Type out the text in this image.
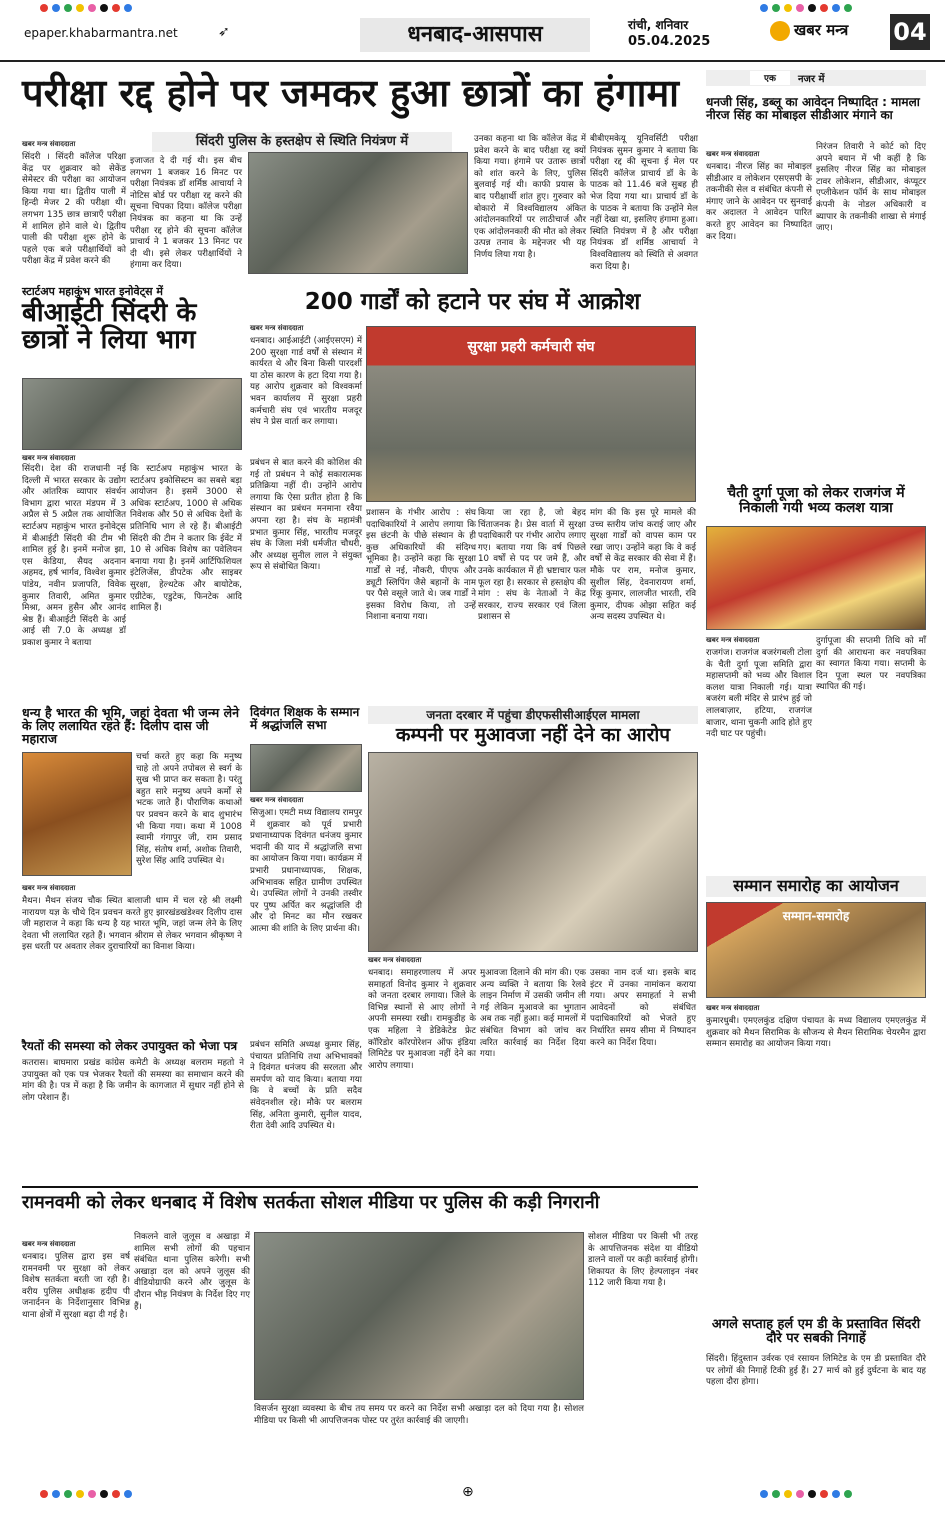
epaper.khabarmantra.net	➶	धनबाद-आसपास	रांची, शनिवार
05.04.2025
खबर मन्त्र	04
परीक्षा रद्द होने पर जमकर हुआ छात्रों का हंगामा
सिंदरी पुलिस के हस्तक्षेप से स्थिति नियंत्रण में
खबर मन्त्र संवाददाता
सिंदरी । सिंदरी कॉलेज परिक्षा केंद्र पर शुक्रवार को सेकेंड सेमेस्टर की परीक्षा का आयोजन किया गया था। द्वितीय पाली में हिन्दी मेजर 2 की परीक्षा थी। लगभग 135 छात्र छात्राएँ परीक्षा में शामिल होने वाले थे। द्वितीय पाली की परीक्षा शुरू होने के पहले एक बजे परीक्षार्थियों को परीक्षा केंद्र में प्रवेश करने की
इजाजत दे दी गई थी। इस बीच लगभग 1 बजकर 16 मिनट पर परीक्षा नियंत्रक डॉ शर्मिष्ठ आचार्या ने नोटिस बोर्ड पर परीक्षा रद्द करने की सूचना चिपका दिया। कॉलेज परीक्षा नियंत्रक का कहना था कि उन्हें परीक्षा रद्द होने की सूचना कॉलेज प्राचार्य ने 1 बजकर 13 मिनट पर दी थी। इसे लेकर परीक्षार्थियों ने हंगामा कर दिया।
उनका कहना था कि कॉलेज केंद्र में प्रवेश करने के बाद परीक्षा रद्द क्यों किया गया। हंगामे पर उतारू छात्रों को शांत करने के लिए, पुलिस बुलवाई गई थी। काफी प्रयास के बाद परीक्षार्थी शांत हुए। गुरुवार को बोकारो में विश्वविद्यालय अंकित आंदोलनकारियों पर लाठीचार्ज और एक आंदोलनकारी की मौत को लेकर उत्पन्न तनाव के मद्देनजर भी यह निर्णय लिया गया है।
बीबीएमकेयू यूनिवर्सिटी परीक्षा नियंत्रक सुमन कुमार ने बताया कि परीक्षा रद्द की सूचना ई मेल पर सिंदरी कॉलेज प्राचार्य डॉ के के पाठक को 11.46 बजे सुबह ही भेज दिया गया था। प्राचार्य डॉ के के पाठक ने बताया कि उन्होंने मेल नहीं देखा था, इसलिए हंगामा हुआ। स्थिति नियंत्रण में है और परीक्षा नियंत्रक डॉ शर्मिष्ठ आचार्या ने विश्वविद्यालय को स्थिति से अवगत करा दिया है।
स्टार्टअप महाकुंभ भारत इनोवेट्स में
बीआईटी सिंदरी के छात्रों ने लिया भाग
खबर मन्त्र संवाददाता
सिंदरी। देश की राजधानी नई दिल्ली में भारत सरकार के उद्योग और आंतरिक व्यापार संवर्धन विभाग द्वारा भारत मंडपम में 3 अप्रैल से 5 अप्रैल तक आयोजित स्टार्टअप महाकुंभ भारत इनोवेट्स में बीआईटी सिंदरी की टीम भी शामिल हुई है। इनमें मनोज झा, एस केडिया, सैयद अदनान अहमद, हर्ष भार्गव, विश्वेश कुमार पांडेय, नवीन प्रजापति, विवेक कुमार तिवारी, अमित कुमार मिश्रा, अमन हुसैन और आनंद श्रेष्ठ हैं। बीआईटी सिंदरी के आई आई सी 7.0 के अध्यक्ष डॉ प्रकाश कुमार ने बताया
कि स्टार्टअप महाकुंभ भारत के स्टार्टअप इकोसिस्टम का सबसे बड़ा आयोजन है। इसमें 3000 से अधिक स्टार्टअप, 1000 से अधिक निवेशक और 50 से अधिक देशों के प्रतिनिधि भाग ले रहे हैं। बीआईटी सिंदरी की टीम ने कतार कि ईवेंट में 10 से अधिक विशेष का पवेलियन बनाया गया है। इनमें आर्टिफिशियल इंटेलिजेंस, डीपटेक और साइबर सुरक्षा, हेल्थटेक और बायोटेक, एग्रीटेक, एडुटेक, फिनटेक आदि शामिल हैं।
200 गार्डों को हटाने पर संघ में आक्रोश
खबर मन्त्र संवाददाता
धनबाद। आईआईटी (आईएसएम) में 200 सुरक्षा गार्ड वर्षों से संस्थान में कार्यरत थे और बिना किसी पारदर्शी या ठोस कारण के हटा दिया गया है। यह आरोप शुक्रवार को विश्वकर्मा भवन कार्यालय में सुरक्षा प्रहरी कर्मचारी संघ एवं भारतीय मजदूर संघ ने प्रेस वार्ता कर लगाया।
सुरक्षा प्रहरी कर्मचारी संघ
प्रबंधन से बात करने की कोशिश की गई तो प्रबंधन ने कोई सकारात्मक प्रतिक्रिया नहीं दी। उन्होंने आरोप लगाया कि ऐसा प्रतीत होता है कि संस्थान का प्रबंधन मनमाना रवैया अपना रहा है। संघ के महामंत्री प्रभात कुमार सिंह, भारतीय मजदूर संघ के जिला मंत्री धर्मजीत चौधरी, और अध्यक्ष सुनील लाल ने संयुक्त रूप से संबोधित किया।
प्रशासन के गंभीर आरोप : संघ पदाधिकारियों ने आरोप लगाया कि इस छंटनी के पीछे संस्थान के ही कुछ अधिकारियों की संदिग्ध भूमिका है। उन्होंने कहा कि सुरक्षा गार्डों से नई, नौकरी, पीएफ और ड्यूटी स्लिपिंग जैसे बहानों के नाम पर पैसे वसूले जाते थे। जब गार्डों ने इसका विरोध किया, तो उन्हें निशाना बनाया गया।
किया जा रहा है, जो बेहद चिंताजनक है। प्रेस वार्ता में सुरक्षा पदाधिकारी पर गंभीर आरोप लगाए गए। बताया गया कि वर्ष पिछले 10 वर्षों से पद पर जमे हैं, और उनके कार्यकाल में ही भ्रष्टाचार फल फूल रहा है। सरकार से हस्तक्षेप की मांग : संघ के नेताओं ने केंद्र सरकार, राज्य सरकार एवं जिला प्रशासन से
मांग की कि इस पूरे मामले की उच्च स्तरीय जांच कराई जाए और सुरक्षा गार्डों को वापस काम पर रखा जाए। उन्होंने कहा कि वे कई वर्षों से केंद्र सरकार की सेवा में हैं। मौके पर राम, मनोज कुमार, सुशील सिंह, देवनारायण शर्मा, रिंकू कुमार, लालजीत भारती, रवि कुमार, दीपक ओझा सहित कई अन्य सदस्य उपस्थित थे।
धन्य है भारत की भूमि, जहां देवता भी जन्म लेने के लिए ललायित रहते हैं: दिलीप दास जी महाराज
खबर मन्त्र संवाददाता
मैथन। मैथन संजय चौक स्थित बालाजी धाम में चल रहे श्री लक्ष्मी नारायण यज्ञ के चौथे दिन प्रवचन करते हुए झारखंडखंडेश्वर दिलीप दास जी महाराज ने कहा कि धन्य है यह भारत भूमि, जहां जन्म लेने के लिए देवता भी ललायित रहते हैं। भगवान श्रीराम से लेकर भगवान श्रीकृष्ण ने इस धरती पर अवतार लेकर दुराचारियों का विनाश किया।
चर्चा करते हुए कहा कि मनुष्य चाहे तो अपने तपोबल से स्वर्ग के सुख भी प्राप्त कर सकता है। परंतु बहुत सारे मनुष्य अपने कर्मों से भटक जाते हैं। पौराणिक कथाओं पर प्रवचन करने के बाद शुभारंभ भी किया गया। कथा में 1008 स्वामी गंगापुर जी, राम प्रसाद सिंह, संतोष शर्मा, अशोक तिवारी, सुरेश सिंह आदि उपस्थित थे।
दिवंगत शिक्षक के सम्मान में श्रद्धांजलि सभा
खबर मन्त्र संवाददाता
सिजुआ। एमटी मध्य विद्यालय रामपुर में शुक्रवार को पूर्व प्रभारी प्रधानाध्यापक दिवंगत धनंजय कुमार भदानी की याद में श्रद्धांजलि सभा का आयोजन किया गया। कार्यक्रम में प्रभारी प्रधानाध्यापक, शिक्षक, अभिभावक सहित ग्रामीण उपस्थित थे। उपस्थित लोगों ने उनकी तस्वीर पर पुष्प अर्पित कर श्रद्धांजलि दी और दो मिनट का मौन रखकर आत्मा की शांति के लिए प्रार्थना की।
जनता दरबार में पहुंचा डीएफसीसीआईएल मामला
कम्पनी पर मुआवजा नहीं देने का आरोप
खबर मन्त्र संवाददाता
धनबाद। समाहरणालय में अपर समाहर्ता विनोद कुमार ने शुक्रवार को जनता दरबार लगाया। जिले के विभिन्न स्थानों से आए लोगों ने अपनी समस्या रखी। रामकुडीह के एक महिला ने डेडिकेटेड फ्रेट कॉरिडोर कॉरपोरेशन ऑफ इंडिया लिमिटेड पर मुआवजा नहीं देने का आरोप लगाया।
मुआवजा दिलाने की मांग की। एक अन्य व्यक्ति ने बताया कि रेलवे लाइन निर्माण में उसकी जमीन ली गई लेकिन मुआवजे का भुगतान अब तक नहीं हुआ। कई मामलों में संबंधित विभाग को जांच कर त्वरित कार्रवाई का निर्देश दिया गया।
उसका नाम दर्ज था। इसके बाद इंटर में उनका नामांकन कराया गया। अपर समाहर्ता ने सभी आवेदनों को संबंधित पदाधिकारियों को भेजते हुए निर्धारित समय सीमा में निष्पादन करने का निर्देश दिया।
प्रबंधन समिति अध्यक्ष कुमार सिंह, पंचायत प्रतिनिधि तथा अभिभावकों ने दिवंगत धनंजय की सरलता और समर्पण को याद किया। बताया गया कि वे बच्चों के प्रति सदैव संवेदनशील रहे। मौके पर बलराम सिंह, अनिता कुमारी, सुनील यादव, रीता देवी आदि उपस्थित थे।
रैयतों की समस्या को लेकर उपायुक्त को भेजा पत्र
कतरास। बाघमारा प्रखंड कांग्रेस कमेटी के अध्यक्ष बलराम महतो ने उपायुक्त को एक पत्र भेजकर रैयतों की समस्या का समाधान करने की मांग की है। पत्र में कहा है कि जमीन के कागजात में सुधार नहीं होने से लोग परेशान हैं।
रामनवमी को लेकर धनबाद में विशेष सतर्कता सोशल मीडिया पर पुलिस की कड़ी निगरानी
खबर मन्त्र संवाददाता
धनबाद। पुलिस द्वारा इस वर्ष रामनवमी पर सुरक्षा को लेकर विशेष सतर्कता बरती जा रही है। वरीय पुलिस अधीक्षक हृदीप पी जनार्दनन के निर्देशानुसार विभिन्न थाना क्षेत्रों में सुरक्षा बढ़ा दी गई है।
निकलने वाले जुलूस व अखाड़ा में शामिल सभी लोगों की पहचान संबंधित थाना पुलिस करेगी। सभी अखाड़ा दल को अपने जुलूस की वीडियोग्राफी करने और जुलूस के दौरान भीड़ नियंत्रण के निर्देश दिए गए हैं।
विसर्जन सुरक्षा व्यवस्था के बीच तय समय पर करने का निर्देश सभी अखाड़ा दल को दिया गया है। सोशल मीडिया पर किसी भी आपत्तिजनक पोस्ट पर तुरंत कार्रवाई की जाएगी।
सोशल मीडिया पर किसी भी तरह के आपत्तिजनक संदेश या वीडियो डालने वालों पर कड़ी कार्रवाई होगी। शिकायत के लिए हेल्पलाइन नंबर 112 जारी किया गया है।
एक	नजर में
धनजी सिंह, डब्लू का आवेदन निष्पादित : मामला नीरज सिंह का मोबाइल सीडीआर मंगाने का
खबर मन्त्र संवाददाता
धनबाद। नीरज सिंह का मोबाइल सीडीआर व लोकेशन एसएसपी के तकनीकी सेल व संबंधित कंपनी से मंगाए जाने के आवेदन पर सुनवाई कर अदालत ने आवेदन पारित करते हुए आवेदन का निष्पादित कर दिया।
निरंजन तिवारी ने कोर्ट को दिए अपने बयान में भी कहीं है कि इसलिए नीरज सिंह का मोबाइल टावर लोकेशन, सीडीआर, कंप्यूटर एप्लीकेशन फॉर्म के साथ मोबाइल कंपनी के नोडल अधिकारी व ब्यापार के तकनीकी शाखा से मंगाई जाए।
चैती दुर्गा पूजा को लेकर राजगंज में निकाली गयी भव्य कलश यात्रा
खबर मन्त्र संवाददाता
राजगंज। राजगंज बजरंगबली टोला के चैती दुर्गा पूजा समिति द्वारा महासप्तमी को भव्य और विशाल कलश यात्रा निकाली गई। यात्रा बजरंग बली मंदिर से प्रारंभ हुई जो लालबाज़ार, हटिया, राजगंज बाजार, थाना चुकनी आदि होते हुए नदी घाट पर पहुंची।
दुर्गापूजा की सप्तमी तिथि को माँ दुर्गा की आराधना कर नवपत्रिका का स्वागत किया गया। सप्तमी के दिन पूजा स्थल पर नवपत्रिका स्थापित की गई।
सम्मान समारोह का आयोजन
सम्मान-समारोह
खबर मन्त्र संवाददाता
कुमारधुबी। एमएलकुंड दक्षिण पंचायत के मध्य विद्यालय एमएलकुंड में शुक्रवार को मैथन सिरामिक के सौजन्य से मैथन सिरामिक चेयरमैन द्वारा सम्मान समारोह का आयोजन किया गया।
अगले सप्ताह हर्ल एम डी के प्रस्तावित सिंदरी दौरे पर सबकी निगाहें
सिंदरी। हिंदुस्तान उर्वरक एवं रसायन लिमिटेड के एम डी प्रस्तावित दौरे पर लोगों की निगाहें टिकी हुई हैं। 27 मार्च को हुई दुर्घटना के बाद यह पहला दौरा होगा।
⊕
